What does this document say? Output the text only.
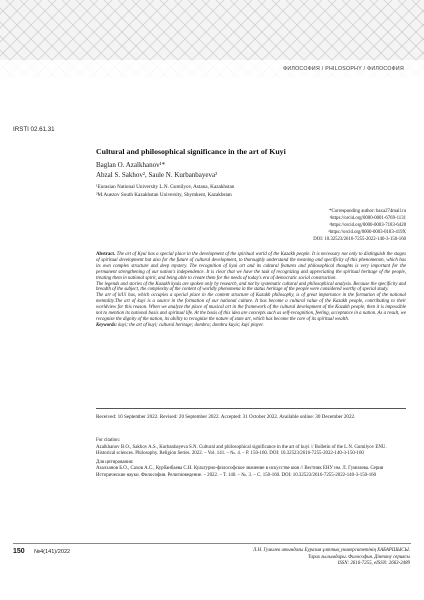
ФИЛОСОФИЯ / PHILOSOPHY / ФИЛОСОФИЯ
IRSTI 02.61.31
Cultural and philosophical significance in the art of Kuyi
Baglan O. Azalkhanov¹*
Abzal S. Sakhov², Saule N. Kurbanbayeva²
¹Eurasian National University L.N. Gumilyov, Astana, Kazakhstan
²M.Auezov South Kazakhstan University, Shymkent, Kazakhstan
*Corresponding author: baxa274mail.ru
¹https://orcid.org/0000-0001-6769-1131
²https://orcid.org/0000-0003-7183-6428
²https://orcid.org/0000-0003-0183-419X
DOI: 10.32523/2616-7255-2022-140-3-150-160

Abstract. The art of Kyui has a special place in the development of the spiritual world of the Kazakh people. It is necessary not only to distinguish the stages of spiritual development but also for the future of cultural development, to thoroughly understand the meaning and specificity of this phenomenon, which has its own complex structure and deep mystery. The recognition of kyui art and its cultural features and philosophical thoughts is very important for the permanent strengthening of our nation's independence. It is clear that we have the task of recognizing and appreciating the spiritual heritage of the people, treating them in national spirit, and being able to create them for the needs of today's era of democratic social construction.

The legends and stories of the Kazakh kyuis are spoken only by research, and not by systematic cultural and philosophical analysis. Because the specificity and breadth of the subject, the complexity of the content of worldly phenomena in the status heritage of the people were considered worthy of special study.

The art of kiUi has, which occupies a special place in the content structure of Kazakh philosophy, is of great importance in the formation of the national mentality.The art of kuyi is a source in the formation of our national culture. It has become a cultural value of the Kazakh people, contributing to their worldview for this reason. When we analyze the place of musical art in the framework of the cultural development of the Kazakh people, then it is impossible not to mention its national basis and spiritual life. At the basis of this idea are concepts such as self-recognition, feeling, acceptance in a nation. As a result, we recognize the dignity of the nation, its ability to recognize the nature of state art, which has become the core of its spiritual wealth.

Keywords: kuyi; the art of kuyi; cultural heritage; dombra; dombra kuyis; kuyi player.

Received: 10 September 2022. Revised: 20 September 2022. Accepted: 31 October 2022. Available online: 30 December 2022.
For citation:

Azalkhanov B.O., Sakhov A.S., Kurbanbayeva S.N. Cultural and philosophical significance in the art of kuyi // Bulletin of the L.N. Gumilyov ENU. Historical sciences. Philosophy. Religion Series. 2022. – Vol. 141. – №. 4. – P. 150-160. DOI: 10.32523/2616-7255-2022-140-3-150-160

Для цитирования:

Азалханов Б.О., Сахов А.С., Курбанбаева С.Н. Культурно-философское значение в искусстве кюя // Вестник ЕНУ им. Л. Гумилева. Серия Исторические науки. Философия. Религиоведение. – 2022. – Т. 140. – №. 3. – С. 150-160. DOI: 10.32523/2616-7255-2022-140-3-150-160

150 №4(141)/2022	Л.Н. Гумилев атындағы Еуразия ұлттық университетінің ХАБАРШЫСЫ.
Тарих ғылымдары. Философия. Дінтану сериясы
ISSN: 2616-7255, eISSN: 2663-2489
